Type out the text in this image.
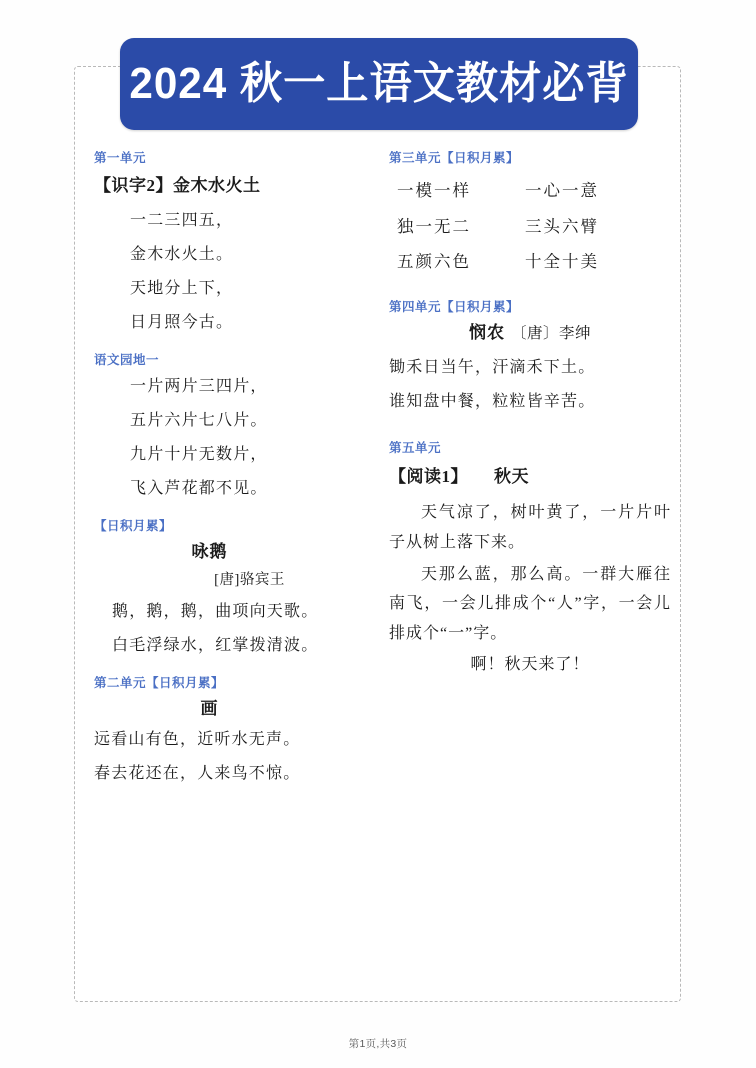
2024 秋一上语文教材必背
第一单元
【识字2】金木水火土
一二三四五，
金木水火土。
天地分上下，
日月照今古。
语文园地一
一片两片三四片，
五片六片七八片。
九片十片无数片，
飞入芦花都不见。
【日积月累】
咏鹅
[唐]骆宾王
鹅，鹅，鹅，曲项向天歌。
白毛浮绿水，红掌拨清波。
第二单元【日积月累】
画
远看山有色，近听水无声。
春去花还在，人来鸟不惊。
第三单元【日积月累】
一模一样	一心一意
独一无二	三头六臂
五颜六色	十全十美
第四单元【日积月累】
悯农 〔唐〕李绅
锄禾日当午，汗滴禾下土。
谁知盘中餐，粒粒皆辛苦。
第五单元
【阅读1】 秋天
天气凉了，树叶黄了，一片片叶子从树上落下来。
天那么蓝，那么高。一群大雁往南飞，一会儿排成个“人”字，一会儿排成个“一”字。
啊！秋天来了！
第1页,共3页
